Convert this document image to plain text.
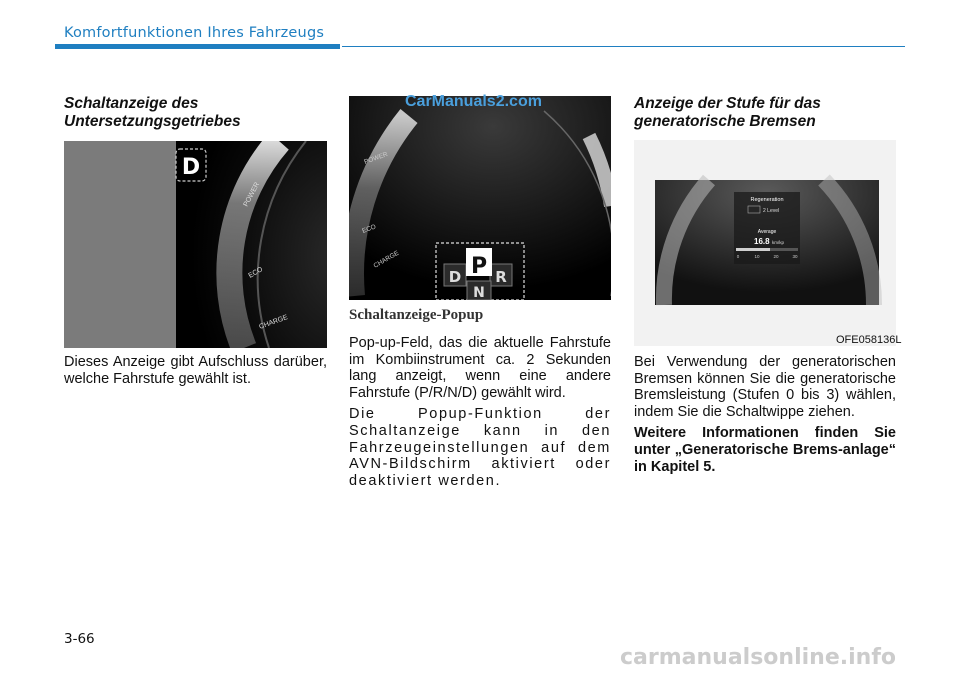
Komfortfunktionen Ihres Fahrzeugs
Schaltanzeige des
Untersetzungsgetriebes
D
POWER
ECO
CHARGE

Dieses Anzeige gibt Aufschluss darüber, welche Fahrstufe gewählt ist.

POWER
ECO
CHARGE	P
D R
N
CarManuals2.com
Schaltanzeige-Popup

Pop-up-Feld, das die aktuelle Fahrstufe im Kombiinstrument ca. 2 Sekunden lang anzeigt, wenn eine andere Fahrstufe (P/R/N/D) gewählt wird.

Die Popup-Funktion der Schaltanzeige kann in den Fahrzeugeinstellungen auf dem AVN-Bildschirm aktiviert oder deaktiviert werden.

Anzeige der Stufe für das
generatorische Bremsen
Regeneration
2 Level
Average
16.8 km/kp
0	10	20	30
OFE058136L

Bei Verwendung der generatorischen Bremsen können Sie die generatorische Bremsleistung (Stufen 0 bis 3) wählen, indem Sie die Schaltwippe ziehen.

Weitere Informationen finden Sie unter „Generatorische Brems-anlage“ in Kapitel 5.

3-66
carmanualsonline.info
